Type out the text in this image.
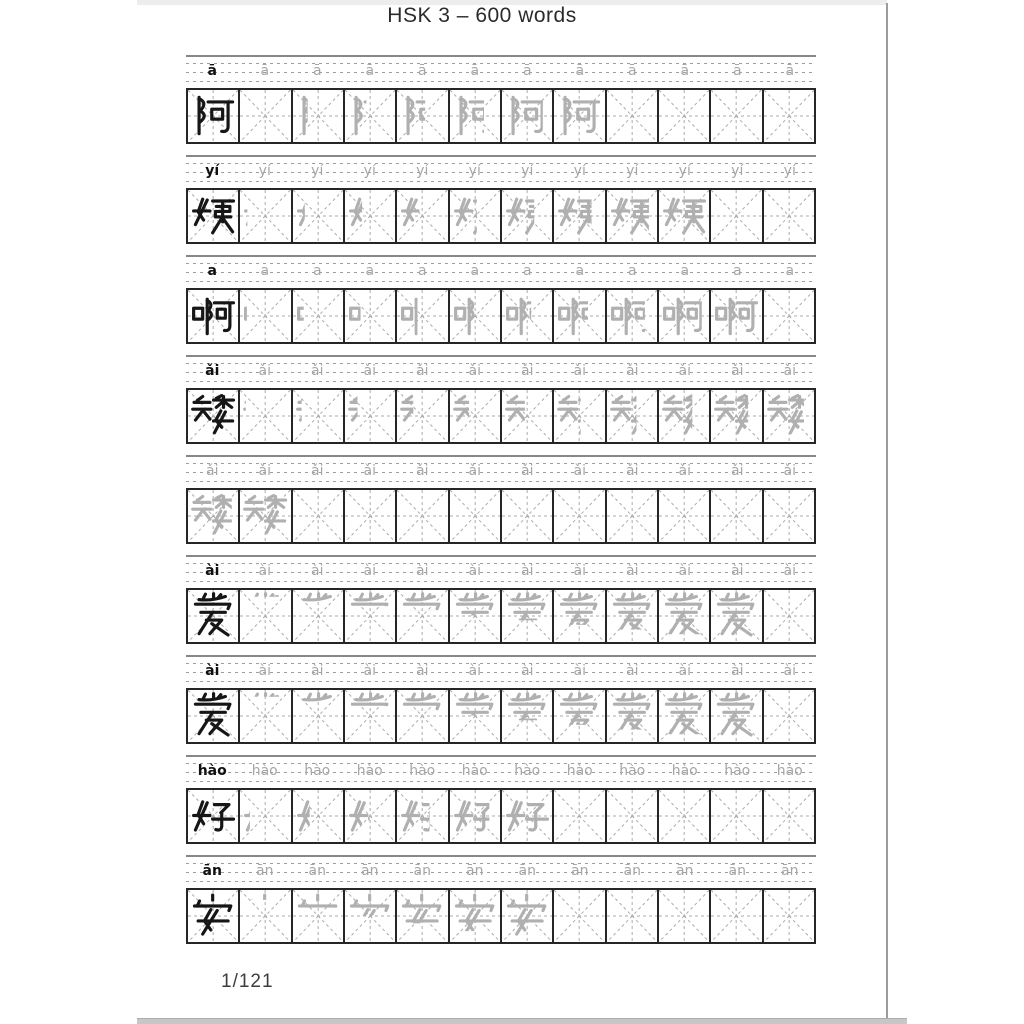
HSK 3 – 600 words
ā	ā	ā	ā	ā	ā	ā	ā	ā	ā	ā	ā
yí	yí	yí	yí	yí	yí	yí	yí	yí	yí	yí	yí
a	a	a	a	a	a	a	a	a	a	a	a
ǎi	ǎi	ǎi	ǎi	ǎi	ǎi	ǎi	ǎi	ǎi	ǎi	ǎi	ǎi
ǎi	ǎi	ǎi	ǎi	ǎi	ǎi	ǎi	ǎi	ǎi	ǎi	ǎi	ǎi
ài	ài	ài	ài	ài	ài	ài	ài	ài	ài	ài	ài
ài	ài	ài	ài	ài	ài	ài	ài	ài	ài	ài	ài
hào	hào	hào	hào	hào	hào	hào	hào	hào	hào	hào	hào
ān	ān	ān	ān	ān	ān	ān	ān	ān	ān	ān	ān
1/121
